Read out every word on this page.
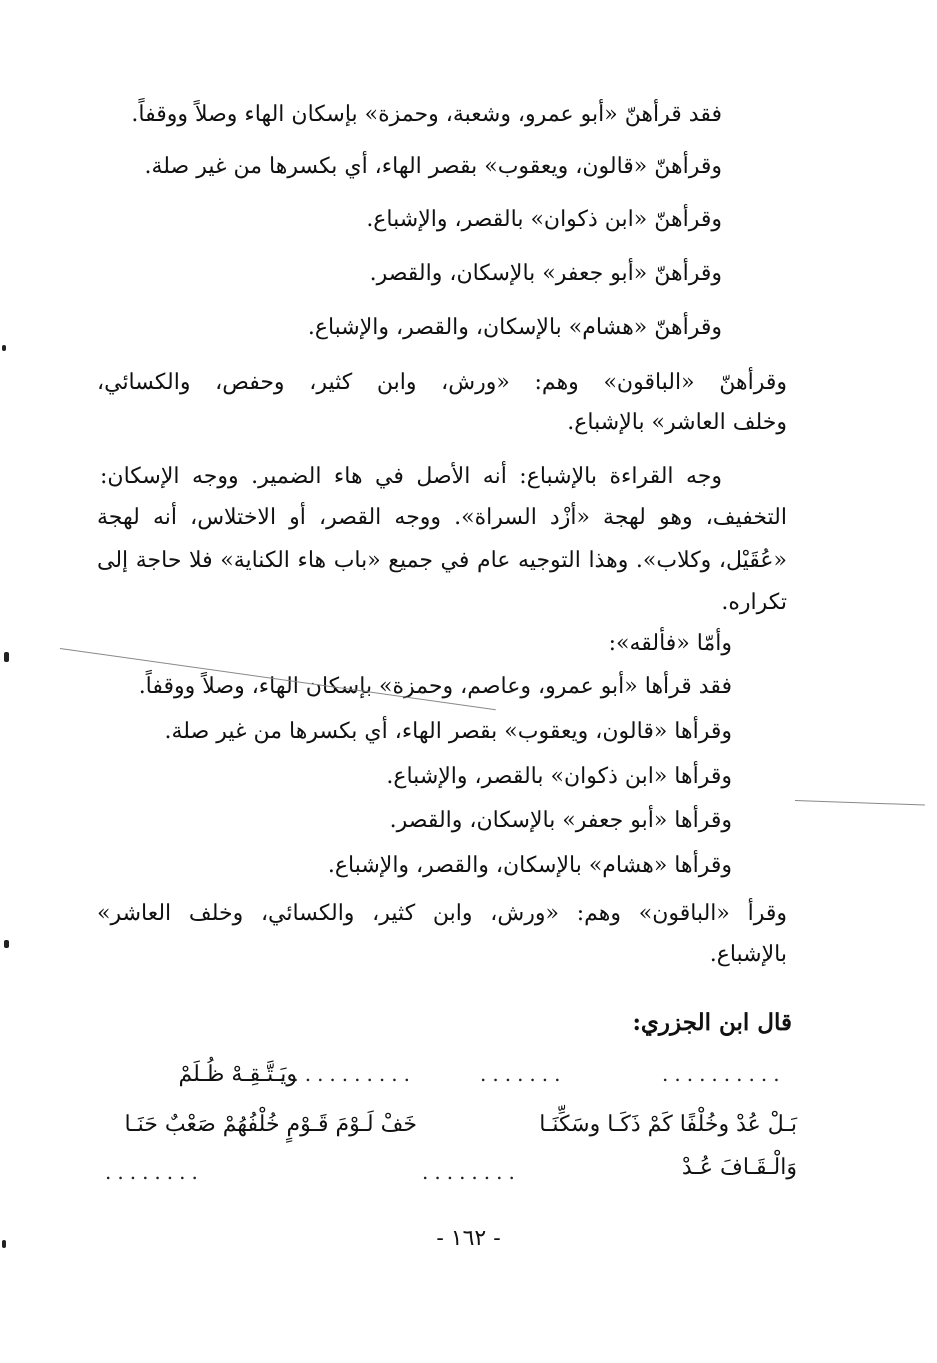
فقد قرأهنّ «أبو عمرو، وشعبة، وحمزة» بإسكان الهاء وصلاً ووقفاً.
وقرأهنّ «قالون، ويعقوب» بقصر الهاء، أي بكسرها من غير صلة.
وقرأهنّ «ابن ذكوان» بالقصر، والإشباع.
وقرأهنّ «أبو جعفر» بالإسكان، والقصر.
وقرأهنّ «هشام» بالإسكان، والقصر، والإشباع.
وقرأهنّ «الباقون» وهم: «ورش، وابن كثير، وحفص، والكسائي،
وخلف العاشر» بالإشباع.
وجه القراءة بالإشباع: أنه الأصل في هاء الضمير. ووجه الإسكان:
التخفيف، وهو لهجة «أزْد السراة». ووجه القصر، أو الاختلاس، أنه لهجة
«عُقَيْل، وكلاب». وهذا التوجيه عام في جميع «باب هاء الكناية» فلا حاجة إلى
تكراره.
وأمّا «فألقه»:
فقد قرأها «أبو عمرو، وعاصم، وحمزة» بإسكان الهاء، وصلاً ووقفاً.
وقرأها «قالون، ويعقوب» بقصر الهاء، أي بكسرها من غير صلة.
وقرأها «ابن ذكوان» بالقصر، والإشباع.
وقرأها «أبو جعفر» بالإسكان، والقصر.
وقرأها «هشام» بالإسكان، والقصر، والإشباع.
وقرأ «الباقون» وهم: «ورش، وابن كثير، والكسائي، وخلف العاشر»
بالإشباع.
قال ابن الجزري:
..........
.......
...........
ويَـتَّـقِـهْ ظُـلَمْ
بَـلْ عُدْ وخُلْفًا كَمْ ذَكَـا وسَكِّنَـا
خَفْ لَـوْمَ قَـوْمٍ خُلْفُهُمْ صَعْبٌ حَنَـا
وَالْـقَـافَ عُـدْ
........
........
- ١٦٢ -
